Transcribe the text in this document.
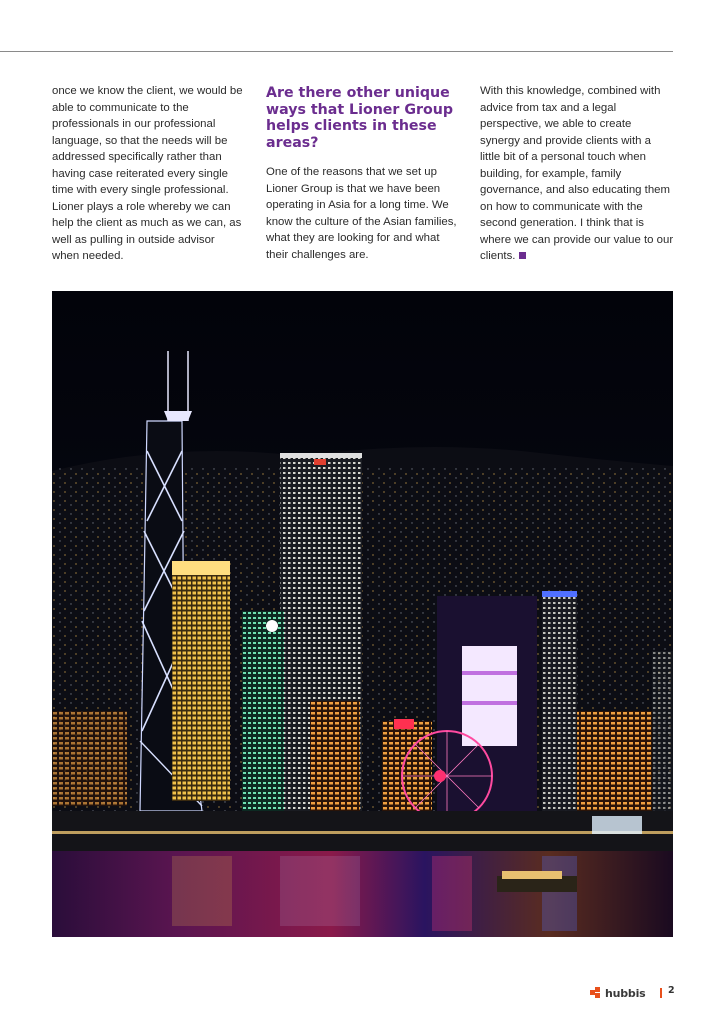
once we know the client, we would be able to communicate to the professionals in our professional language, so that the needs will be addressed specifically rather than having case reiterated every single time with every single professional. Lioner plays a role whereby we can help the client as much as we can, as well as pulling in outside advisor when needed.

Are there other unique ways that Lioner Group helps clients in these areas?

One of the reasons that we set up Lioner Group is that we have been operating in Asia for a long time. We know the culture of the Asian families, what they are looking for and what their challenges are.

With this knowledge, combined with advice from tax and a legal perspective, we able to create synergy and provide clients with a little bit of a personal touch when building, for example, family governance, and also educating them on how to communicate with the second generation. I think that is where we can provide our value to our clients.

hubbis 2
